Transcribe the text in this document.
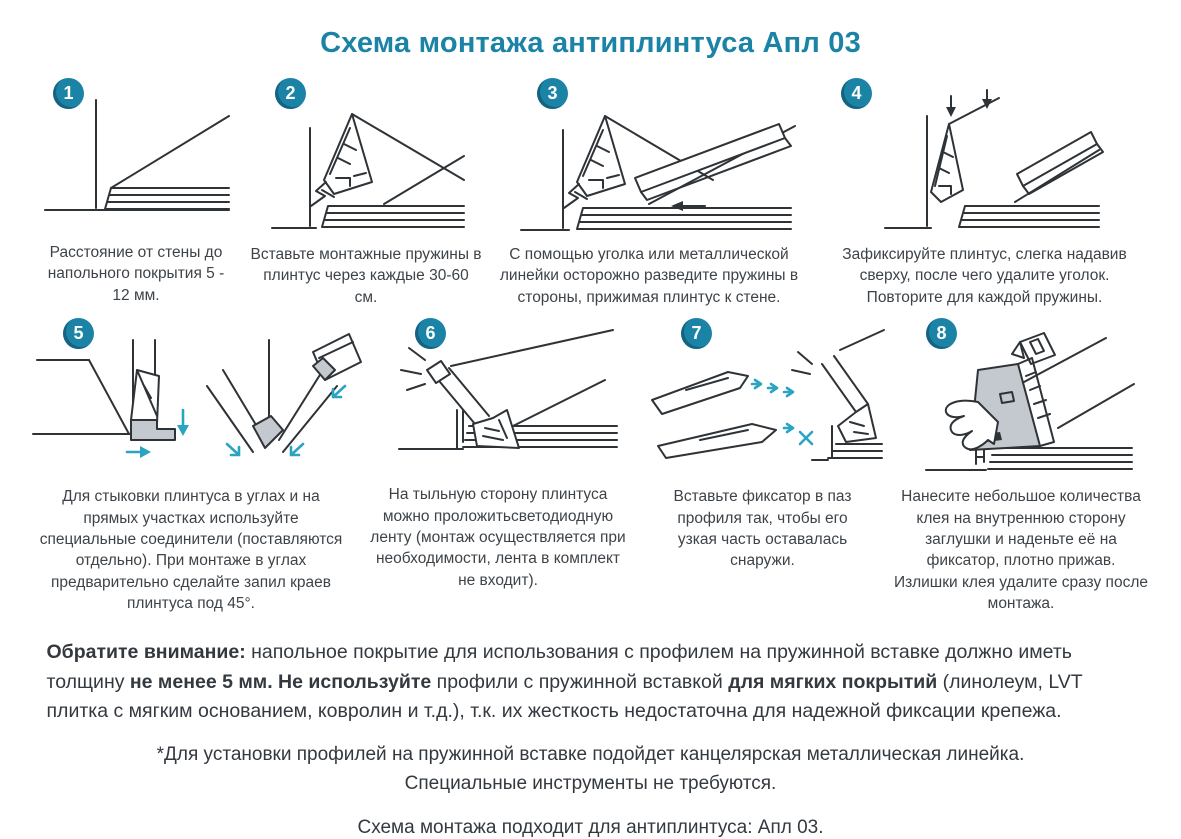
Схема монтажа антиплинтуса Апл 03
1
Расстояние от стены до напольного покрытия 5 - 12 мм.
2
Вставьте монтажные пружины в плинтус через каждые 30-60 см.
3
С помощью уголка или металлической линейки осторожно разведите пружины в стороны, прижимая плинтус к стене.
4
Зафиксируйте плинтус, слегка надавив сверху, после чего удалите уголок. Повторите для каждой пружины.
5
Для стыковки плинтуса в углах и на прямых участках используйте специальные соединители (поставляются отдельно). При монтаже в углах предварительно сделайте запил краев плинтуса под 45°.
6
На тыльную сторону плинтуса можно проложитьсветодиодную ленту (монтаж осуществляется при необходимости, лента в комплект не входит).
7
Вставьте фиксатор в паз профиля так, чтобы его узкая часть оставалась снаружи.
8
Нанесите небольшое количества клея на внутреннюю сторону заглушки и наденьте её на фиксатор, плотно прижав. Излишки клея удалите сразу после монтажа.

Обратите внимание: напольное покрытие для использования с профилем на пружинной вставке должно иметь толщину не менее 5 мм. Не используйте профили с пружинной вставкой для мягких покрытий (линолеум, LVT плитка с мягким основанием, ковролин и т.д.), т.к. их жесткость недостаточна для надежной фиксации крепежа.

*Для установки профилей на пружинной вставке подойдет канцелярская металлическая линейка.
Специальные инструменты не требуются.

Схема монтажа подходит для антиплинтуса: Апл 03.
